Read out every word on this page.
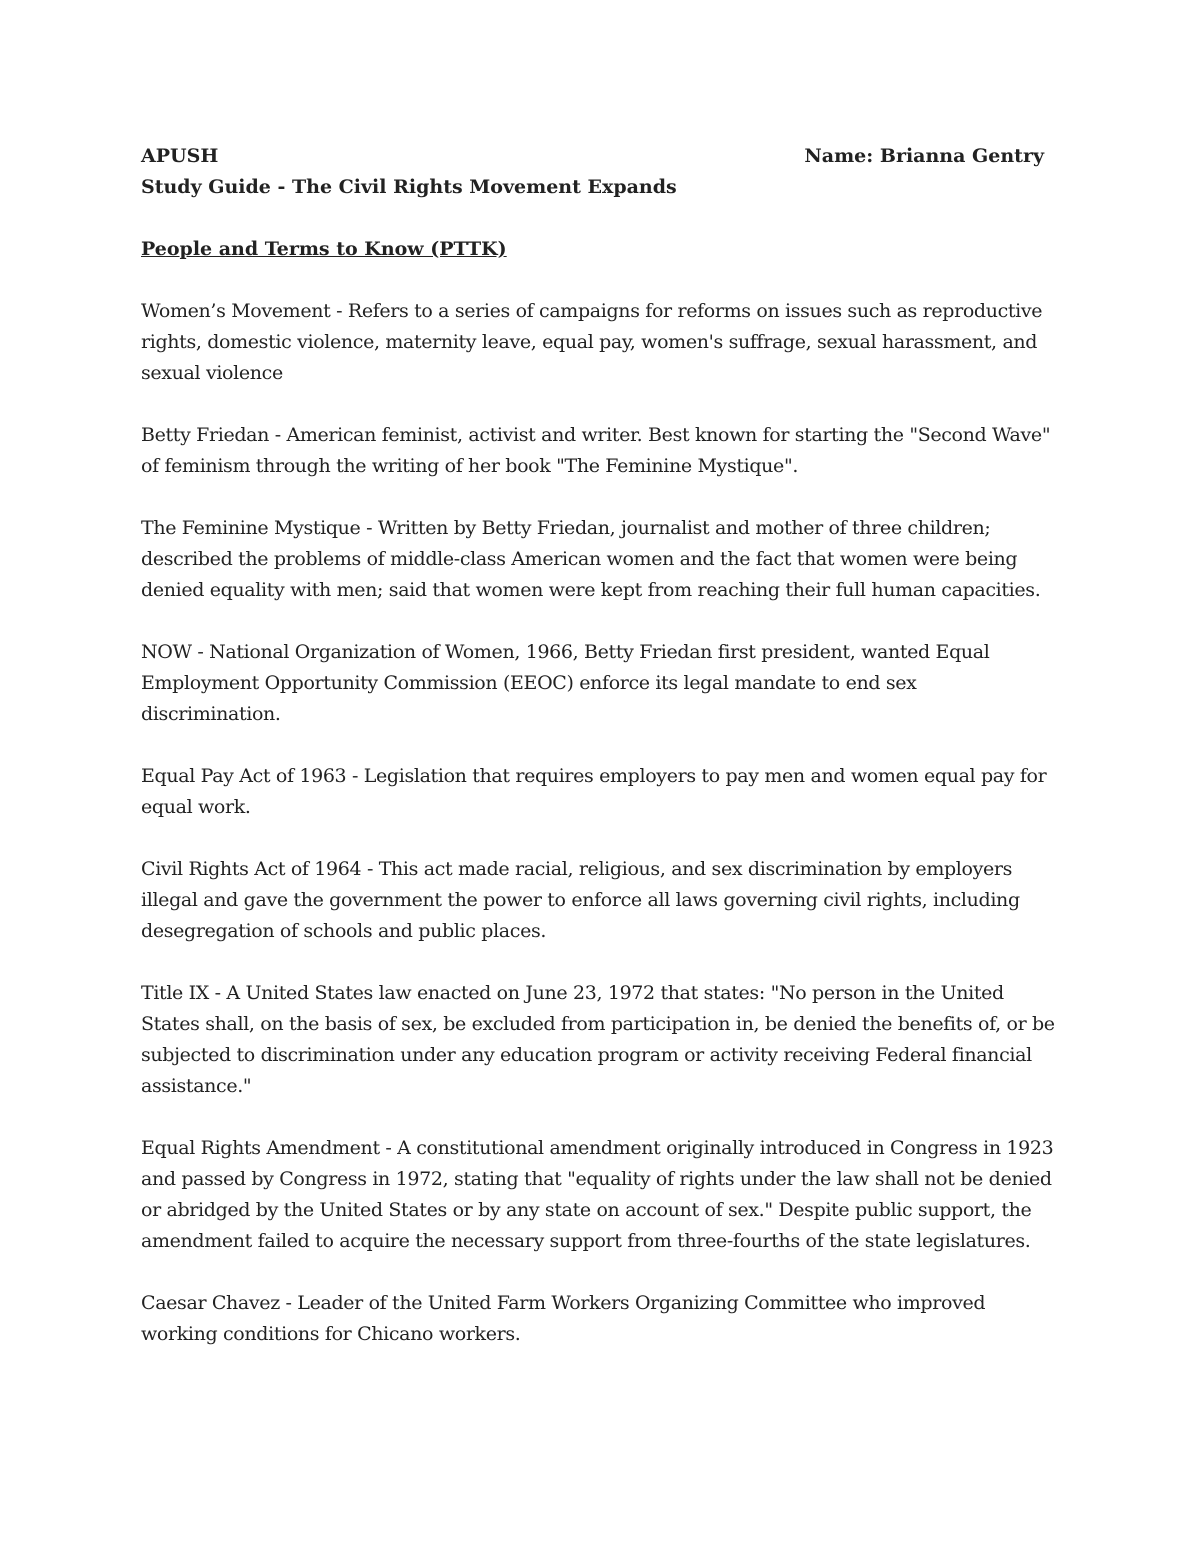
APUSH	Name: Brianna Gentry
Study Guide - The Civil Rights Movement Expands
People and Terms to Know (PTTK)

Women’s Movement - Refers to a series of campaigns for reforms on issues such as reproductive rights, domestic violence, maternity leave, equal pay, women's suffrage, sexual harassment, and sexual violence

Betty Friedan - American feminist, activist and writer. Best known for starting the "Second Wave" of feminism through the writing of her book "The Feminine Mystique".

The Feminine Mystique - Written by Betty Friedan, journalist and mother of three children; described the problems of middle-class American women and the fact that women were being denied equality with men; said that women were kept from reaching their full human capacities.

NOW - National Organization of Women, 1966, Betty Friedan first president, wanted Equal Employment Opportunity Commission (EEOC) enforce its legal mandate to end sex discrimination.

Equal Pay Act of 1963 - Legislation that requires employers to pay men and women equal pay for equal work.

Civil Rights Act of 1964 - This act made racial, religious, and sex discrimination by employers illegal and gave the government the power to enforce all laws governing civil rights, including desegregation of schools and public places.

Title IX - A United States law enacted on June 23, 1972 that states: "No person in the United States shall, on the basis of sex, be excluded from participation in, be denied the benefits of, or be subjected to discrimination under any education program or activity receiving Federal financial assistance."

Equal Rights Amendment - A constitutional amendment originally introduced in Congress in 1923 and passed by Congress in 1972, stating that "equality of rights under the law shall not be denied or abridged by the United States or by any state on account of sex." Despite public support, the amendment failed to acquire the necessary support from three-fourths of the state legislatures.

Caesar Chavez - Leader of the United Farm Workers Organizing Committee who improved working conditions for Chicano workers.
